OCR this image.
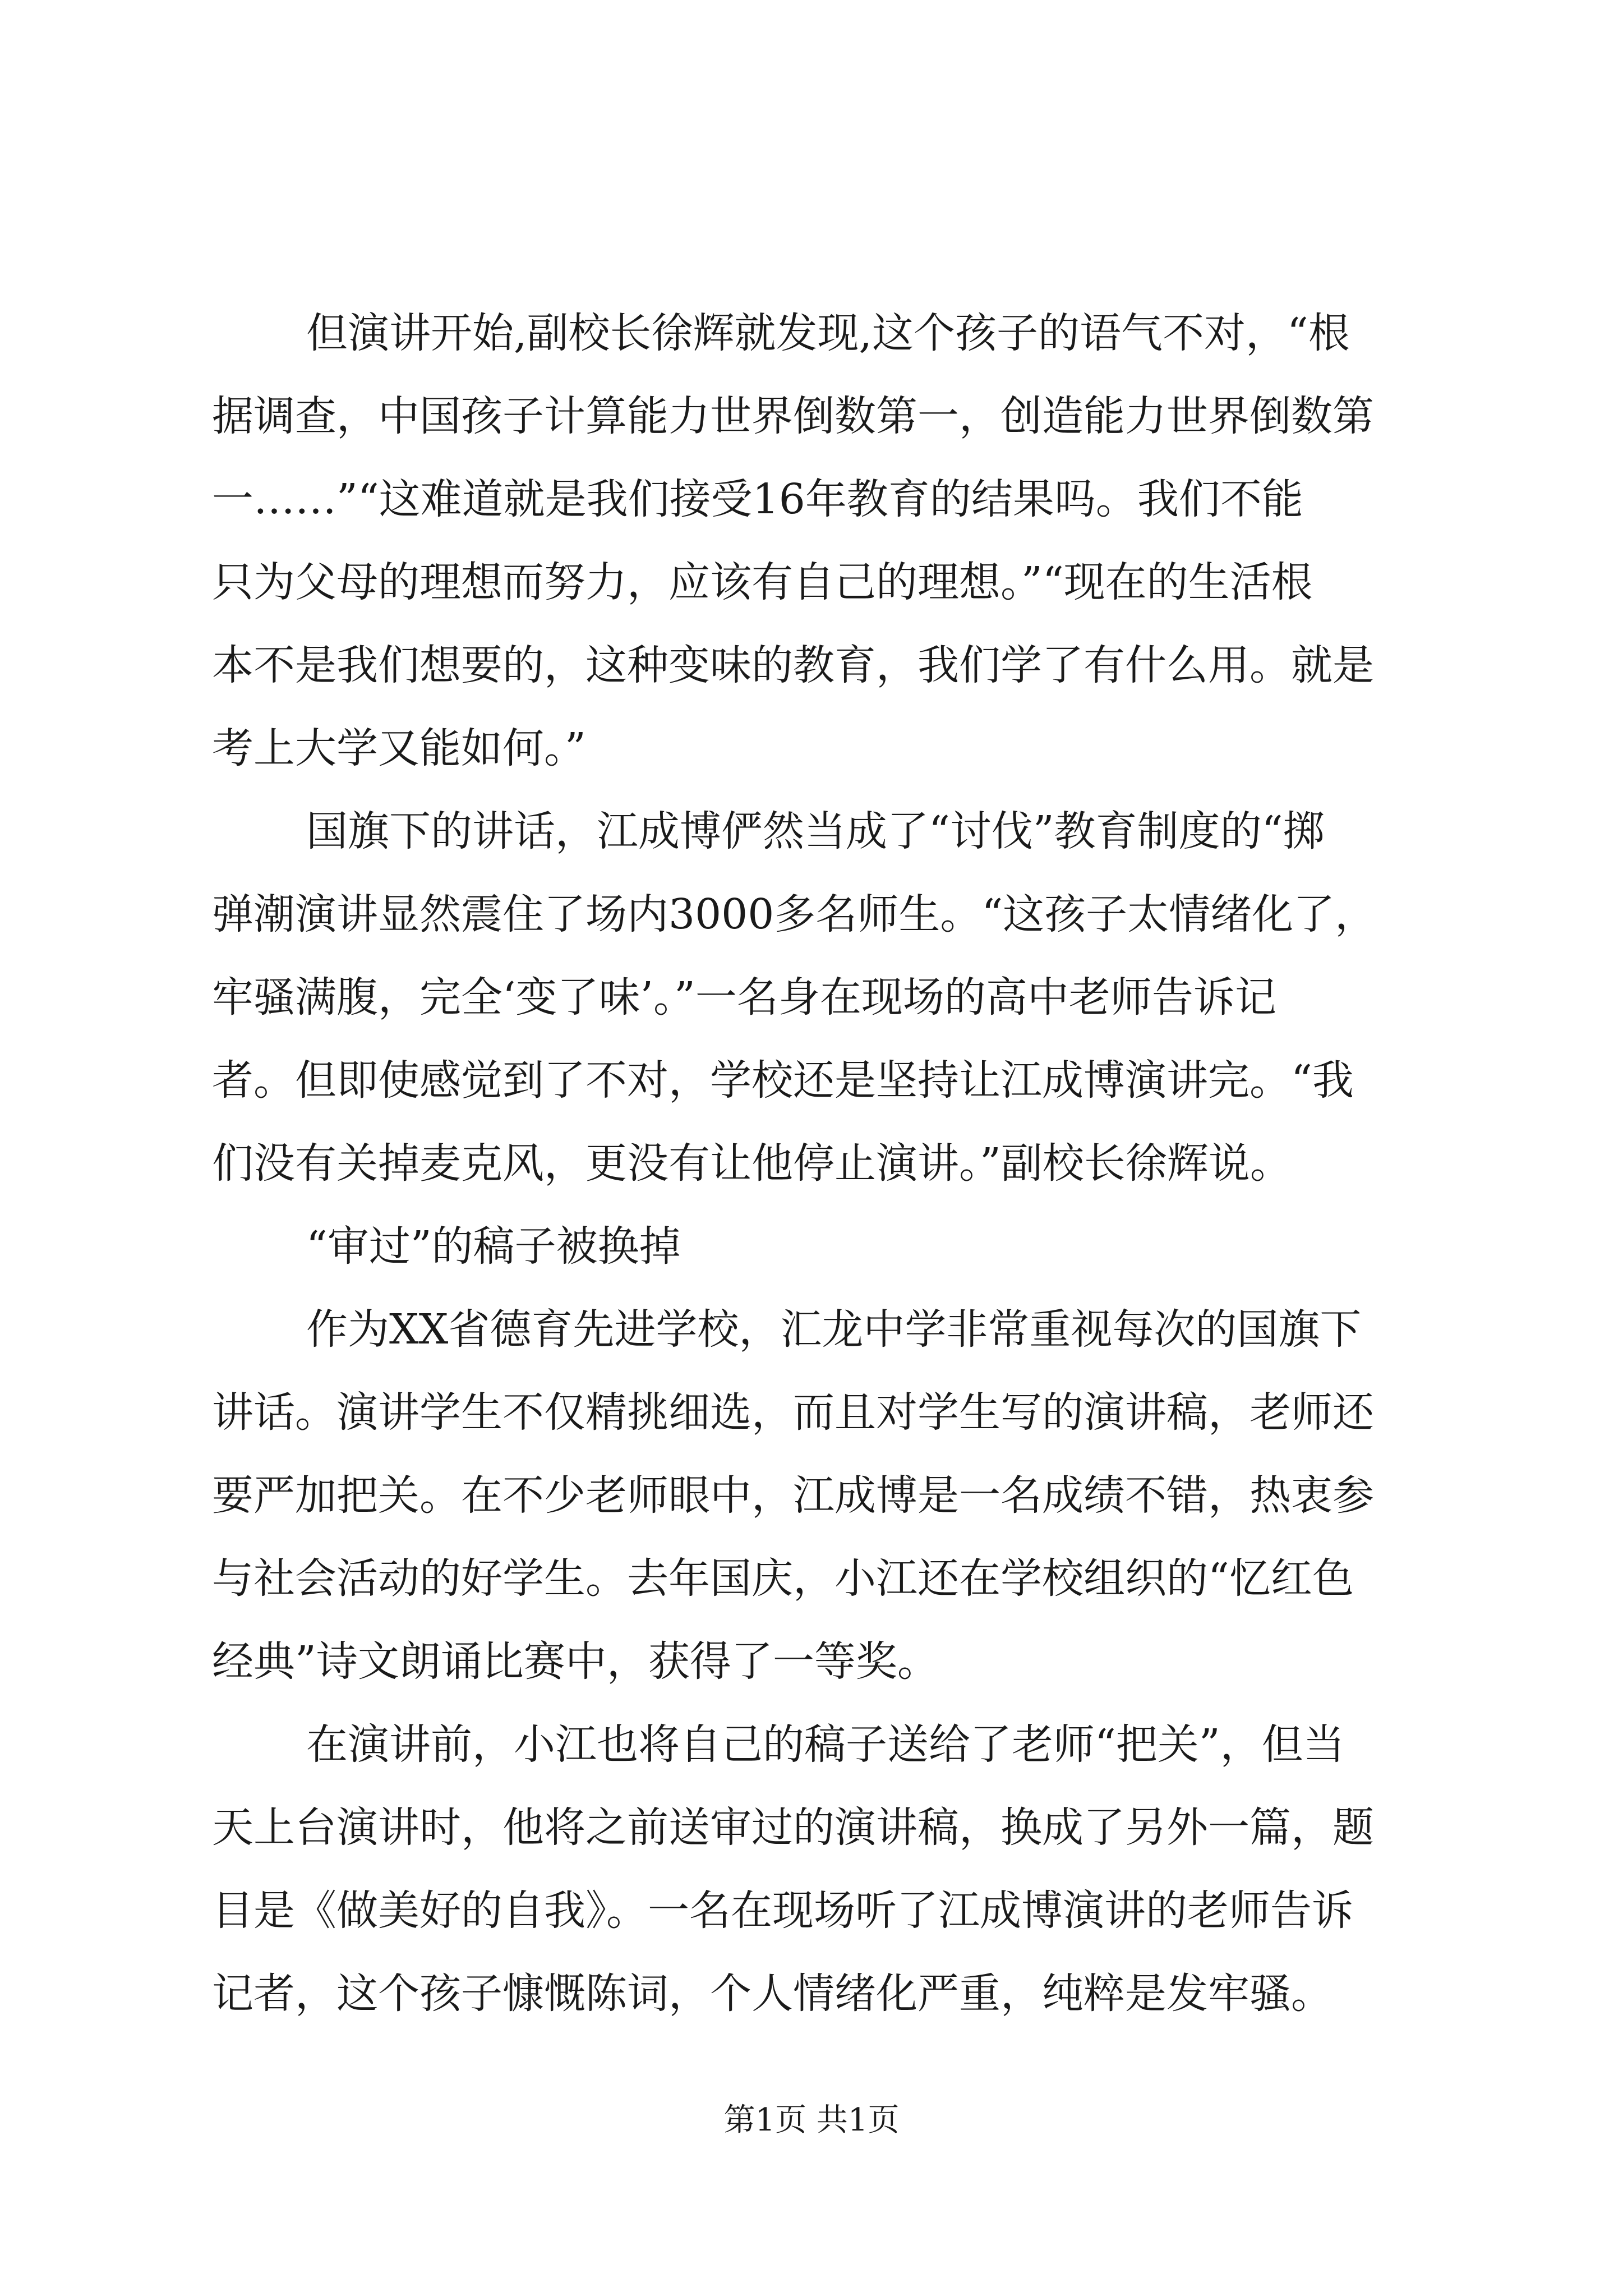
但演讲开始,副校长徐辉就发现,这个孩子的语气不对，“根
据调查，中国孩子计算能力世界倒数第一，创造能力世界倒数第
一……”“这难道就是我们接受16年教育的结果吗。我们不能
只为父母的理想而努力，应该有自己的理想。”“现在的生活根
本不是我们想要的，这种变味的教育，我们学了有什么用。就是
考上大学又能如何。”
国旗下的讲话，江成博俨然当成了“讨伐”教育制度的“掷
弹潮演讲显然震住了场内3000多名师生。“这孩子太情绪化了，
牢骚满腹，完全‘变了味’。”一名身在现场的高中老师告诉记
者。但即使感觉到了不对，学校还是坚持让江成博演讲完。“我
们没有关掉麦克风，更没有让他停止演讲。”副校长徐辉说。
“审过”的稿子被换掉
作为XX省德育先进学校，汇龙中学非常重视每次的国旗下
讲话。演讲学生不仅精挑细选，而且对学生写的演讲稿，老师还
要严加把关。在不少老师眼中，江成博是一名成绩不错，热衷参
与社会活动的好学生。去年国庆，小江还在学校组织的“忆红色
经典”诗文朗诵比赛中，获得了一等奖。
在演讲前，小江也将自己的稿子送给了老师“把关”，但当
天上台演讲时，他将之前送审过的演讲稿，换成了另外一篇，题
目是《做美好的自我》。一名在现场听了江成博演讲的老师告诉
记者，这个孩子慷慨陈词，个人情绪化严重，纯粹是发牢骚。
第1页 共1页
